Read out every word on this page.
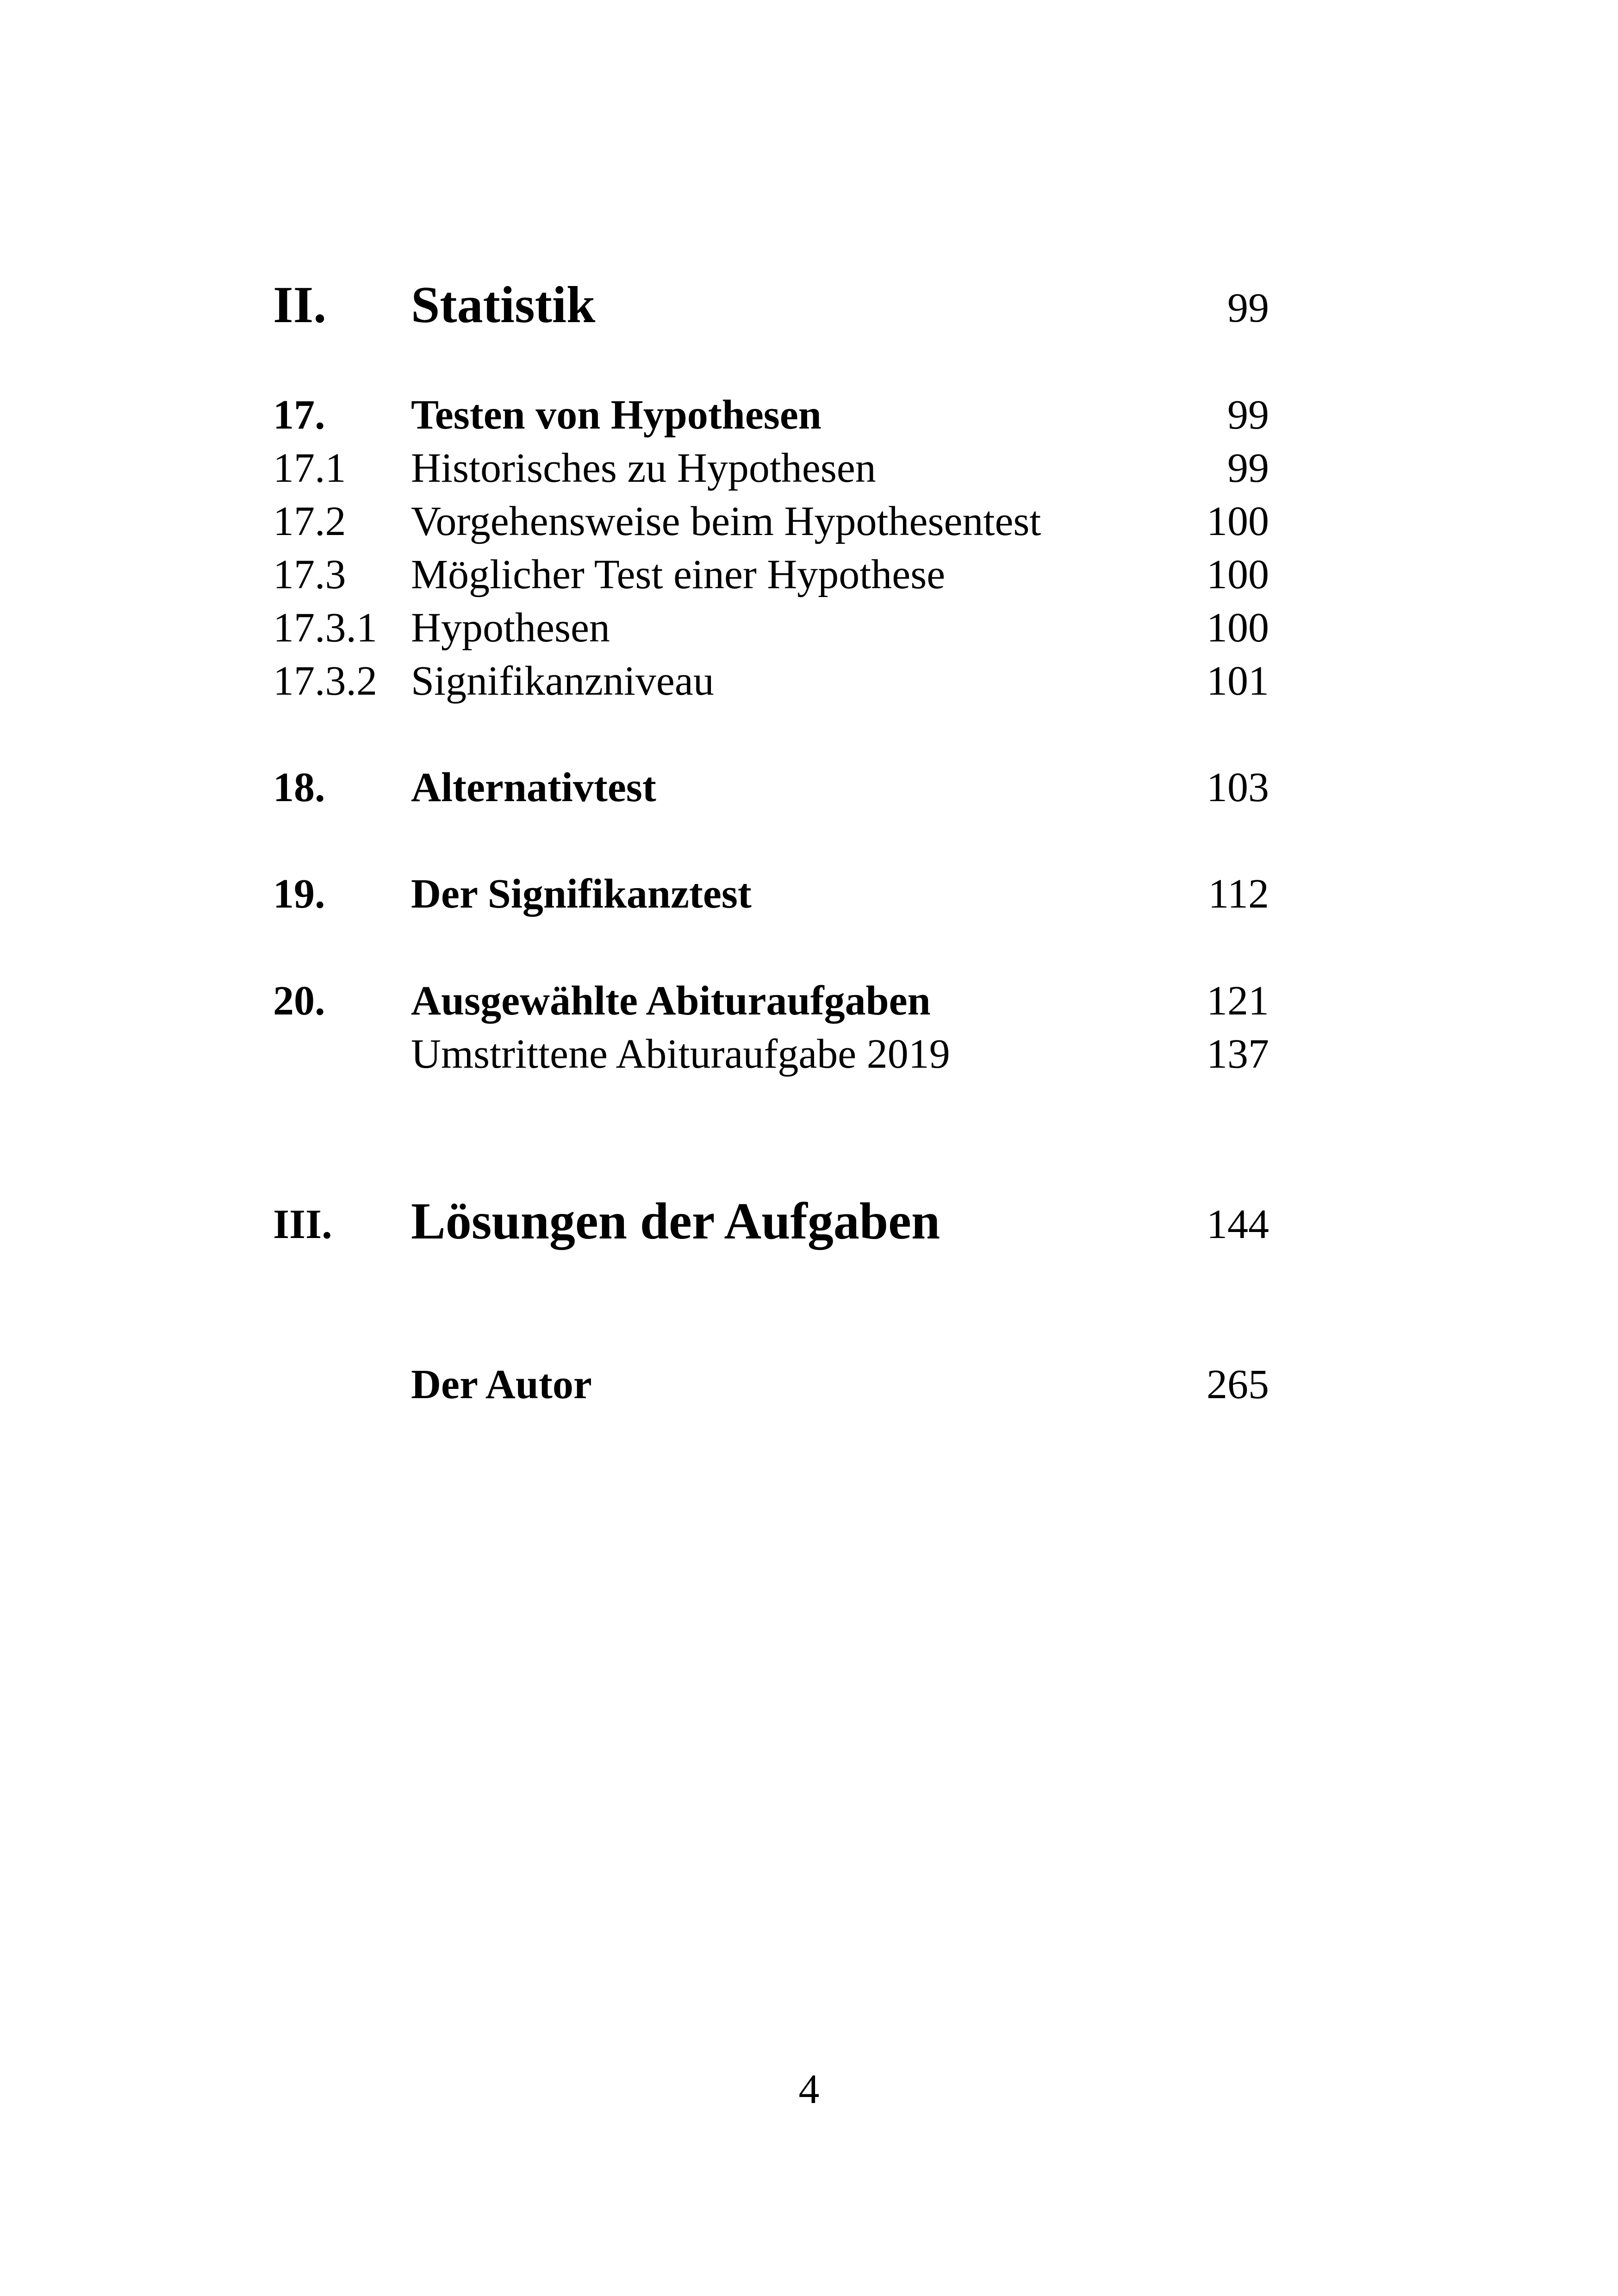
II. Statistik	99
17. Testen von Hypothesen	99
17.1 Historisches zu Hypothesen	99
17.2 Vorgehensweise beim Hypothesentest	100
17.3 Möglicher Test einer Hypothese	100
17.3.1 Hypothesen	100
17.3.2 Signifikanzniveau	101
18. Alternativtest	103
19. Der Signifikanztest	112
20. Ausgewählte Abituraufgaben	121
Umstrittene Abituraufgabe 2019	137
III. Lösungen der Aufgaben	144
Der Autor	265
4
